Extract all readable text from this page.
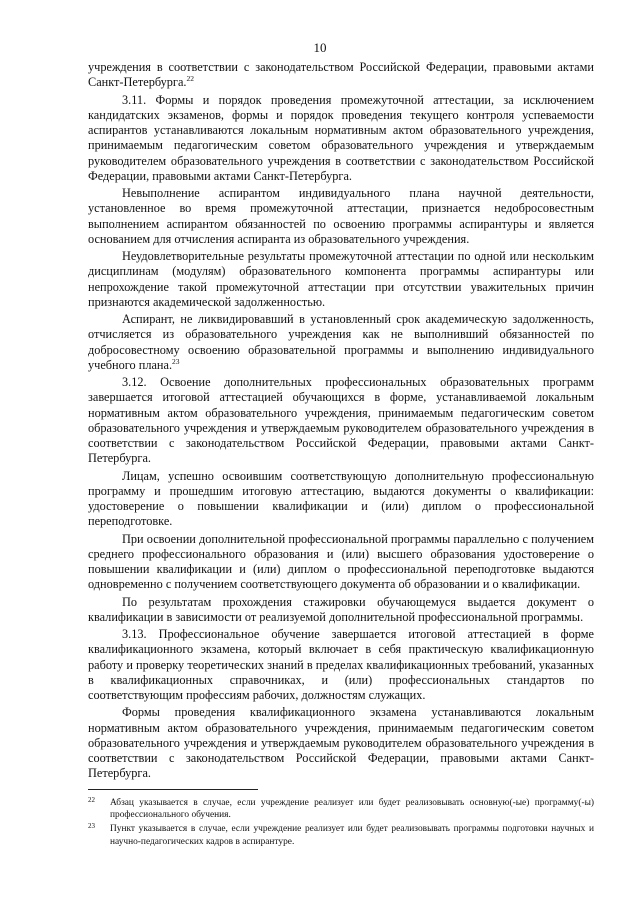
10

учреждения в соответствии с законодательством Российской Федерации, правовыми актами Санкт-Петербурга.$^{22}$

3.11. Формы и порядок проведения промежуточной аттестации, за исключением кандидатских экзаменов, формы и порядок проведения текущего контроля успеваемости аспирантов устанавливаются локальным нормативным актом образовательного учреждения, принимаемым педагогическим советом образовательного учреждения и утверждаемым руководителем образовательного учреждения в соответствии с законодательством Российской Федерации, правовыми актами Санкт-Петербурга.

Невыполнение аспирантом индивидуального плана научной деятельности, установленное во время промежуточной аттестации, признается недобросовестным выполнением аспирантом обязанностей по освоению программы аспирантуры и является основанием для отчисления аспиранта из образовательного учреждения.

Неудовлетворительные результаты промежуточной аттестации по одной или нескольким дисциплинам (модулям) образовательного компонента программы аспирантуры или непрохождение такой промежуточной аттестации при отсутствии уважительных причин признаются академической задолженностью.

Аспирант, не ликвидировавший в установленный срок академическую задолженность, отчисляется из образовательного учреждения как не выполнивший обязанностей по добросовестному освоению образовательной программы и выполнению индивидуального учебного плана.$^{23}$

3.12. Освоение дополнительных профессиональных образовательных программ завершается итоговой аттестацией обучающихся в форме, устанавливаемой локальным нормативным актом образовательного учреждения, принимаемым педагогическим советом образовательного учреждения и утверждаемым руководителем образовательного учреждения в соответствии с законодательством Российской Федерации, правовыми актами Санкт-Петербурга.

Лицам, успешно освоившим соответствующую дополнительную профессиональную программу и прошедшим итоговую аттестацию, выдаются документы о квалификации: удостоверение о повышении квалификации и (или) диплом о профессиональной переподготовке.

При освоении дополнительной профессиональной программы параллельно с получением среднего профессионального образования и (или) высшего образования удостоверение о повышении квалификации и (или) диплом о профессиональной переподготовке выдаются одновременно с получением соответствующего документа об образовании и о квалификации.

По результатам прохождения стажировки обучающемуся выдается документ о квалификации в зависимости от реализуемой дополнительной профессиональной программы.

3.13. Профессиональное обучение завершается итоговой аттестацией в форме квалификационного экзамена, который включает в себя практическую квалификационную работу и проверку теоретических знаний в пределах квалификационных требований, указанных в квалификационных справочниках, и (или) профессиональных стандартов по соответствующим профессиям рабочих, должностям служащих.

Формы проведения квалификационного экзамена устанавливаются локальным нормативным актом образовательного учреждения, принимаемым педагогическим советом образовательного учреждения и утверждаемым руководителем образовательного учреждения в соответствии с законодательством Российской Федерации, правовыми актами Санкт-Петербурга.

22 Абзац указывается в случае, если учреждение реализует или будет реализовывать основную(-ые) программу(-ы) профессионального обучения.
23 Пункт указывается в случае, если учреждение реализует или будет реализовывать программы подготовки научных и научно-педагогических кадров в аспирантуре.
